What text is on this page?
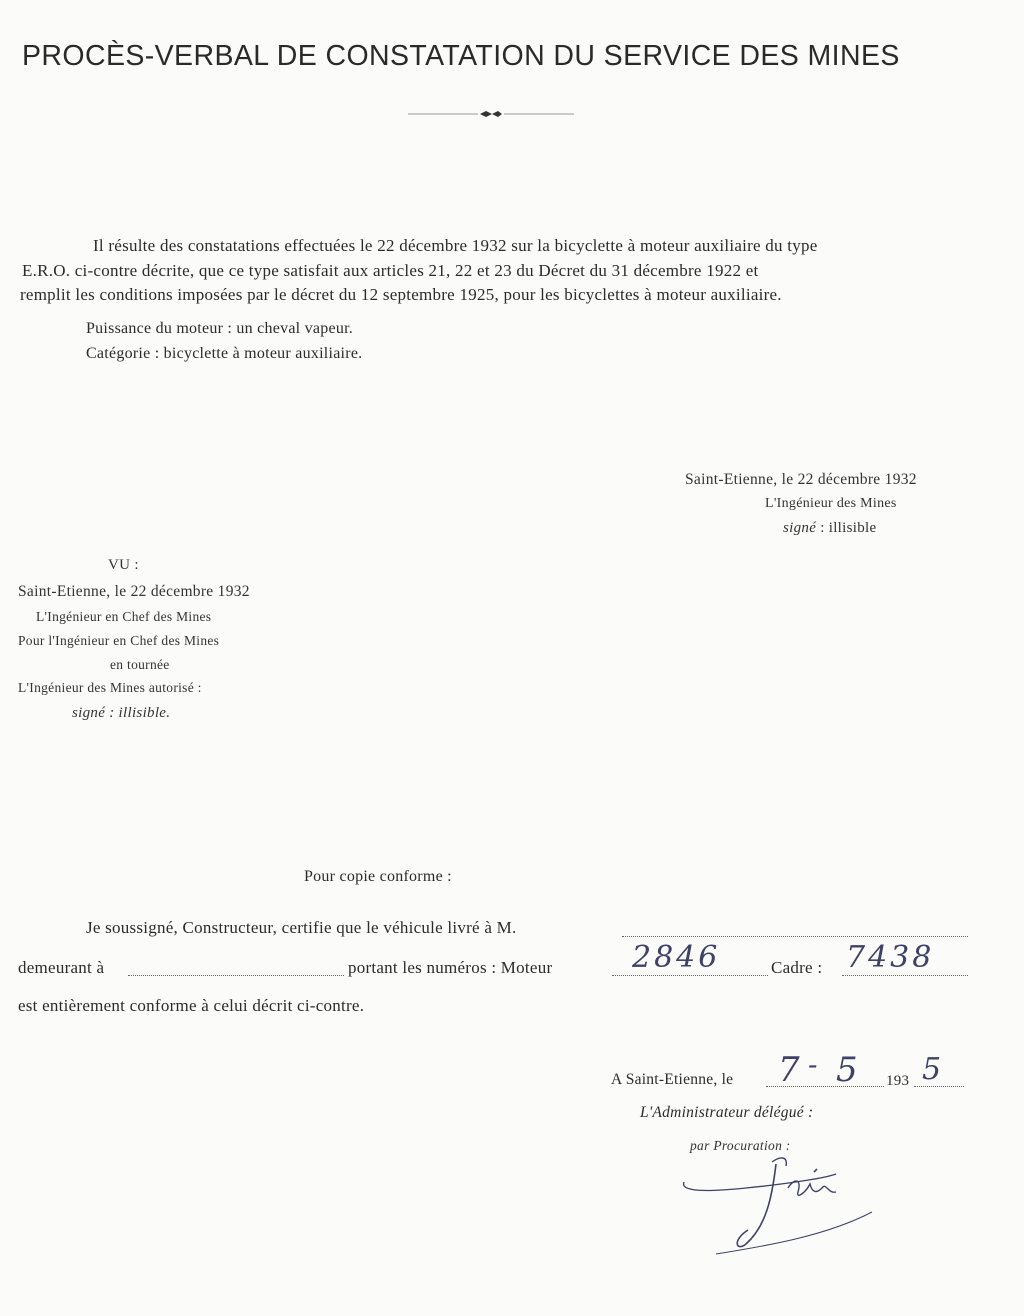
PROCÈS-VERBAL DE CONSTATATION DU SERVICE DES MINES
Il résulte des constatations effectuées le 22 décembre 1932 sur la bicyclette à moteur auxiliaire du type
E.R.O. ci-contre décrite, que ce type satisfait aux articles 21, 22 et 23 du Décret du 31 décembre 1922 et
remplit les conditions imposées par le décret du 12 septembre 1925, pour les bicyclettes à moteur auxiliaire.
Puissance du moteur : un cheval vapeur.
Catégorie : bicyclette à moteur auxiliaire.
Saint-Etienne, le 22 décembre 1932
L'Ingénieur des Mines
signé : illisible
VU :
Saint-Etienne, le 22 décembre 1932
L'Ingénieur en Chef des Mines
Pour l'Ingénieur en Chef des Mines
en tournée
L'Ingénieur des Mines autorisé :
signé : illisible.
Pour copie conforme :
Je soussigné, Constructeur, certifie que le véhicule livré à M.
demeurant à	portant les numéros : Moteur	2846	Cadre : 7438
est entièrement conforme à celui décrit ci-contre.
A Saint-Etienne, le 7 - 5 193 5
L'Administrateur délégué :
par Procuration :
